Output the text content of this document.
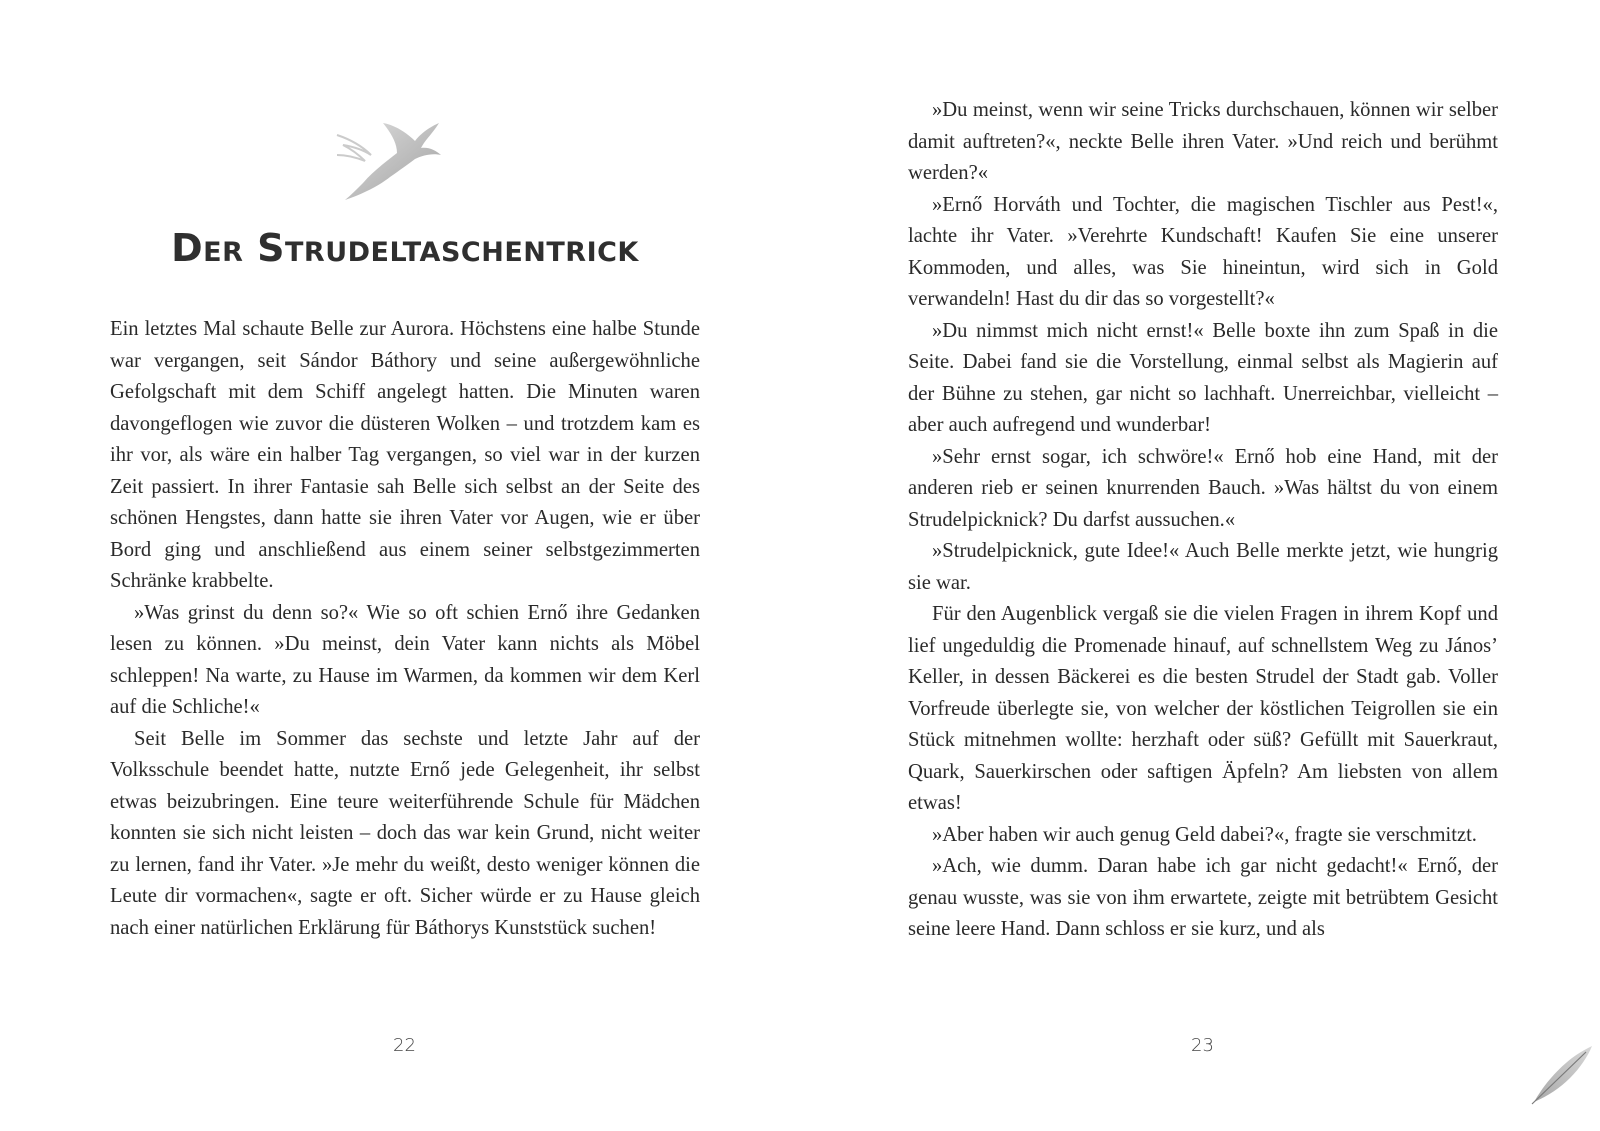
Der Strudeltaschentrick

Ein letztes Mal schaute Belle zur Aurora. Höchstens eine halbe Stunde war vergangen, seit Sándor Báthory und seine außergewöhnliche Gefolgschaft mit dem Schiff angelegt hatten. Die Minuten waren davongeflogen wie zuvor die düsteren Wolken – und trotzdem kam es ihr vor, als wäre ein halber Tag vergangen, so viel war in der kurzen Zeit passiert. In ihrer Fantasie sah Belle sich selbst an der Seite des schönen Hengstes, dann hatte sie ihren Vater vor Augen, wie er über Bord ging und anschließend aus einem seiner selbstgezimmerten Schränke krabbelte.

»Was grinst du denn so?« Wie so oft schien Ernő ihre Gedanken lesen zu können. »Du meinst, dein Vater kann nichts als Möbel schleppen! Na warte, zu Hause im Warmen, da kommen wir dem Kerl auf die Schliche!«

Seit Belle im Sommer das sechste und letzte Jahr auf der Volksschule beendet hatte, nutzte Ernő jede Gelegenheit, ihr selbst etwas beizubringen. Eine teure weiterführende Schule für Mädchen konnten sie sich nicht leisten – doch das war kein Grund, nicht weiter zu lernen, fand ihr Vater. »Je mehr du weißt, desto weniger können die Leute dir vormachen«, sagte er oft. Sicher würde er zu Hause gleich nach einer natürlichen Erklärung für Báthorys Kunststück suchen!

22

»Du meinst, wenn wir seine Tricks durchschauen, können wir selber damit auftreten?«, neckte Belle ihren Vater. »Und reich und berühmt werden?«

»Ernő Horváth und Tochter, die magischen Tischler aus Pest!«, lachte ihr Vater. »Verehrte Kundschaft! Kaufen Sie eine unserer Kommoden, und alles, was Sie hineintun, wird sich in Gold verwandeln! Hast du dir das so vorgestellt?«

»Du nimmst mich nicht ernst!« Belle boxte ihn zum Spaß in die Seite. Dabei fand sie die Vorstellung, einmal selbst als Magierin auf der Bühne zu stehen, gar nicht so lachhaft. Unerreichbar, vielleicht – aber auch aufregend und wunderbar!

»Sehr ernst sogar, ich schwöre!« Ernő hob eine Hand, mit der anderen rieb er seinen knurrenden Bauch. »Was hältst du von einem Strudelpicknick? Du darfst aussuchen.«

»Strudelpicknick, gute Idee!« Auch Belle merkte jetzt, wie hungrig sie war.

Für den Augenblick vergaß sie die vielen Fragen in ihrem Kopf und lief ungeduldig die Promenade hinauf, auf schnellstem Weg zu János’ Keller, in dessen Bäckerei es die besten Strudel der Stadt gab. Voller Vorfreude überlegte sie, von welcher der köstlichen Teigrollen sie ein Stück mitnehmen wollte: herzhaft oder süß? Gefüllt mit Sauerkraut, Quark, Sauerkirschen oder saftigen Äpfeln? Am liebsten von allem etwas!

»Aber haben wir auch genug Geld dabei?«, fragte sie verschmitzt.

»Ach, wie dumm. Daran habe ich gar nicht gedacht!« Ernő, der genau wusste, was sie von ihm erwartete, zeigte mit betrübtem Gesicht seine leere Hand. Dann schloss er sie kurz, und als

23
